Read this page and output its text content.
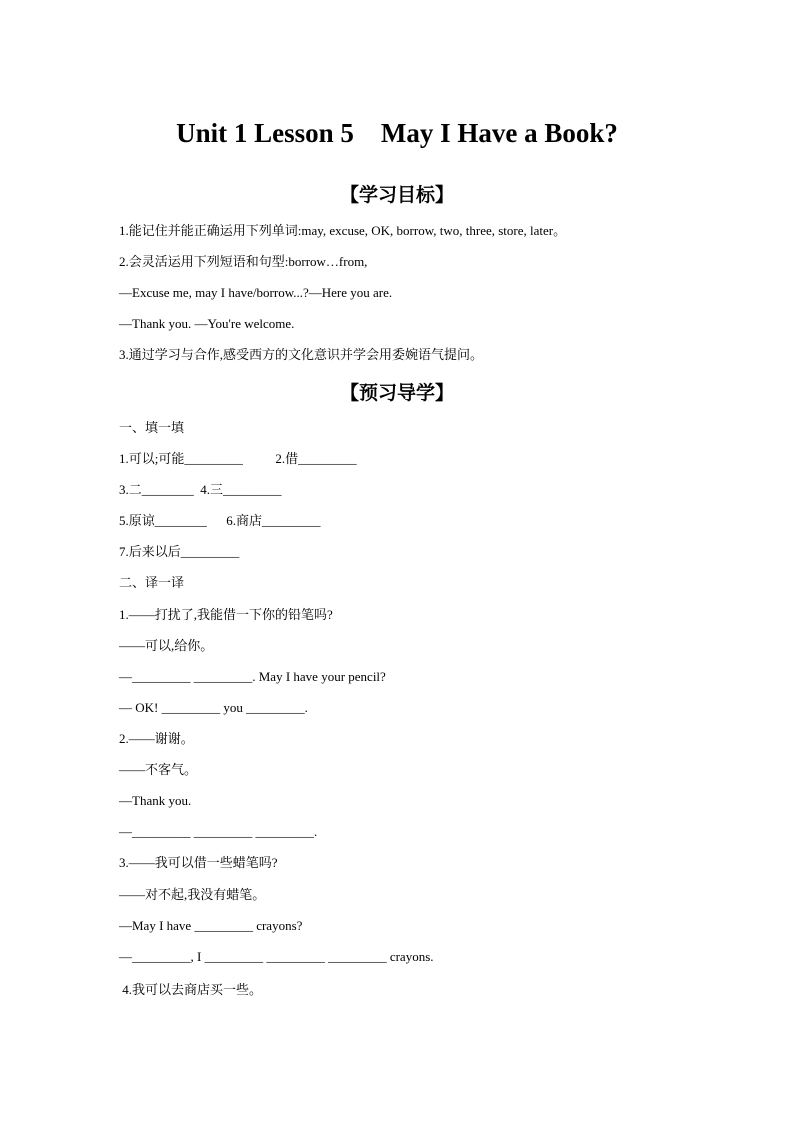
Unit 1 Lesson 5    May I Have a Book?
【学习目标】
1.能记住并能正确运用下列单词:may, excuse, OK, borrow, two, three, store, later。
2.会灵活运用下列短语和句型:borrow…from,
—Excuse me, may I have/borrow...?—Here you are.
—Thank you. —You're welcome.
3.通过学习与合作,感受西方的文化意识并学会用委婉语气提问。
【预习导学】
一、填一填
1.可以;可能_________          2.借_________
3.二________  4.三_________
5.原谅________      6.商店_________
7.后来以后_________
二、译一译
1.——打扰了,我能借一下你的铅笔吗?
——可以,给你。
—_________ _________. May I have your pencil?
— OK! _________ you _________.
2.——谢谢。
——不客气。
—Thank you.
—_________ _________ _________.
3.——我可以借一些蜡笔吗?
——对不起,我没有蜡笔。
—May I have _________ crayons?
—_________, I _________ _________ _________ crayons.
4.我可以去商店买一些。
